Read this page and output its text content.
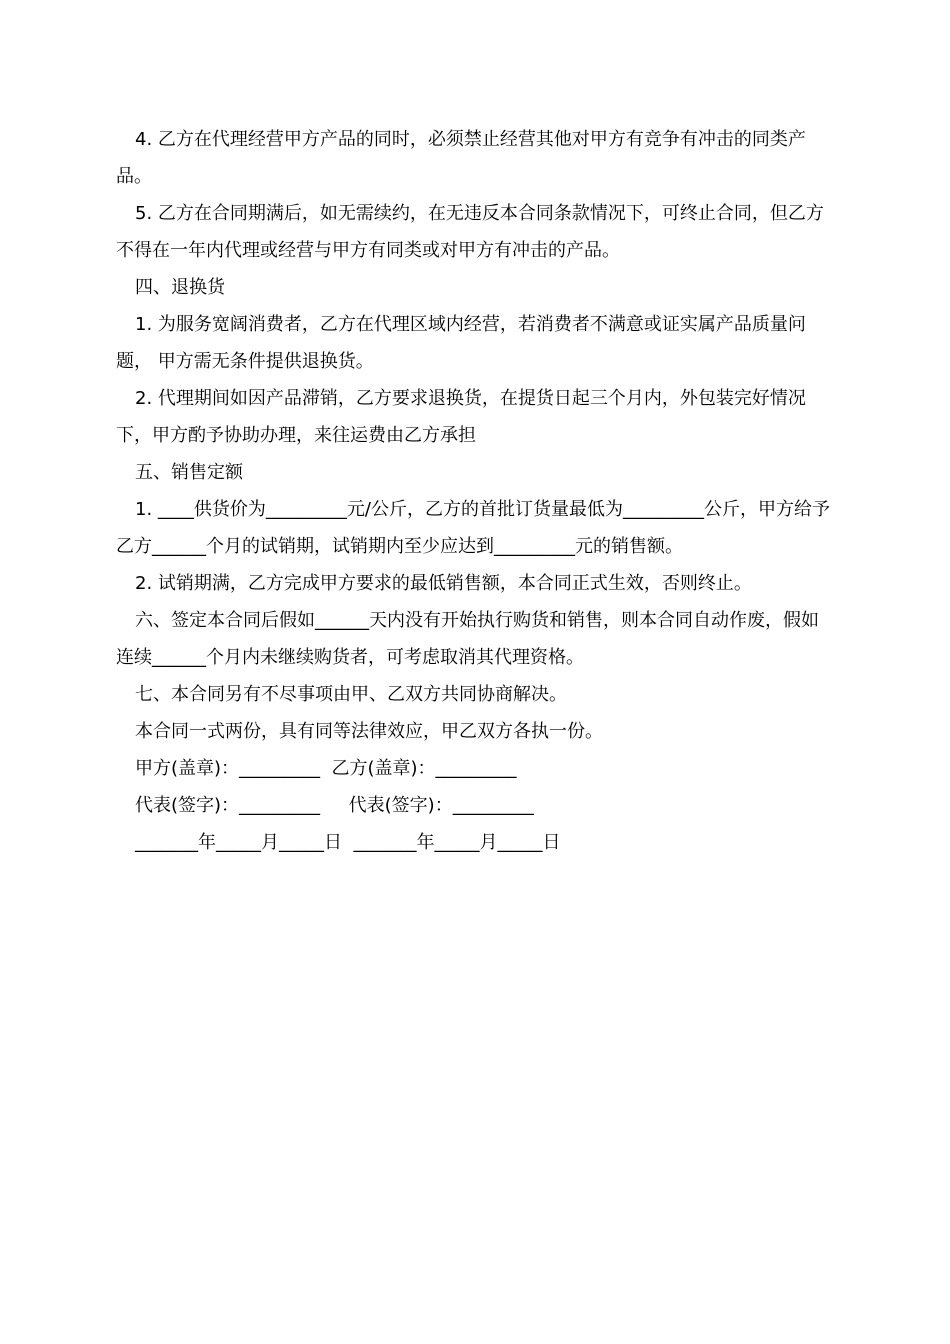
4. 乙方在代理经营甲方产品的同时，必须禁止经营其他对甲方有竞争有冲击的同类产品。

5. 乙方在合同期满后，如无需续约，在无违反本合同条款情况下，可终止合同，但乙方不得在一年内代理或经营与甲方有同类或对甲方有冲击的产品。

四、退换货

1. 为服务宽阔消费者，乙方在代理区域内经营，若消费者不满意或证实属产品质量问题， 甲方需无条件提供退换货。

2. 代理期间如因产品滞销，乙方要求退换货，在提货日起三个月内，外包装完好情况下，甲方酌予协助办理，来往运费由乙方承担

五、销售定额

1. ____供货价为_________元/公斤，乙方的首批订货量最低为_________公斤，甲方给予乙方______个月的试销期，试销期内至少应达到_________元的销售额。

2. 试销期满，乙方完成甲方要求的最低销售额，本合同正式生效，否则终止。

六、签定本合同后假如______天内没有开始执行购货和销售，则本合同自动作废，假如连续______个月内未继续购货者，可考虑取消其代理资格。

七、本合同另有不尽事项由甲、乙双方共同协商解决。

本合同一式两份，具有同等法律效应，甲乙双方各执一份。

甲方(盖章)：_________  乙方(盖章)：_________

代表(签字)：_________     代表(签字)：_________

_______年_____月_____日  _______年_____月_____日
